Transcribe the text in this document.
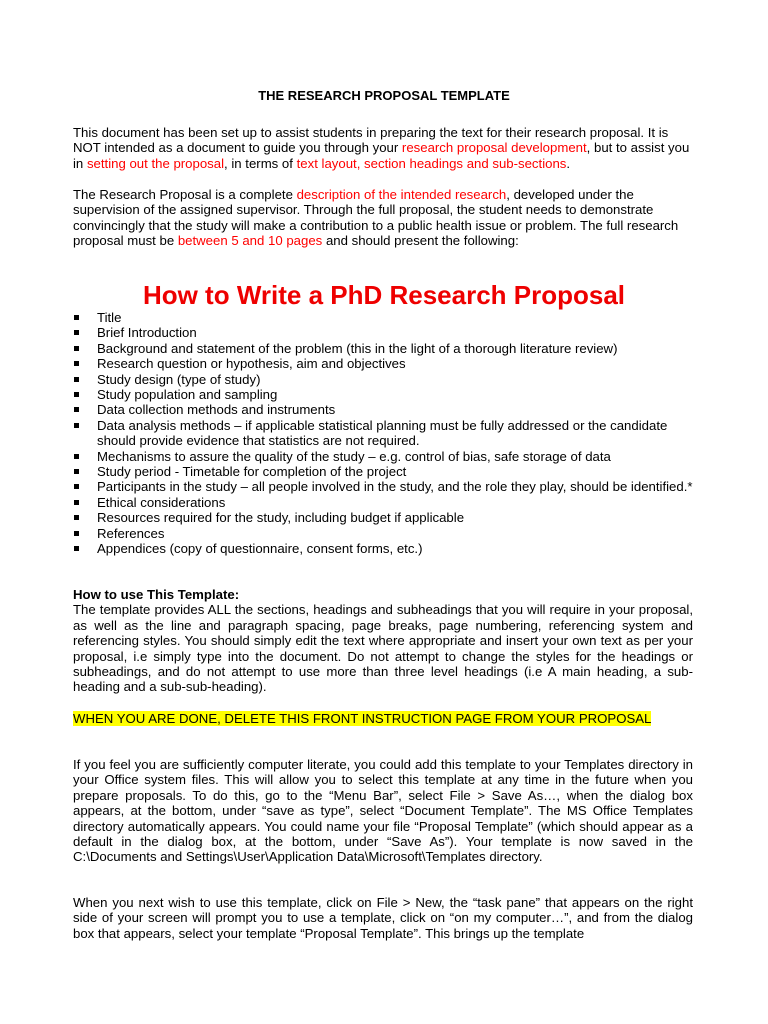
THE RESEARCH PROPOSAL TEMPLATE

This document has been set up to assist students in preparing the text for their research proposal. It is NOT intended as a document to guide you through your research proposal development, but to assist you in setting out the proposal, in terms of text layout, section headings and sub-sections.

The Research Proposal is a complete description of the intended research, developed under the supervision of the assigned supervisor. Through the full proposal, the student needs to demonstrate convincingly that the study will make a contribution to a public health issue or problem. The full research proposal must be between 5 and 10 pages and should present the following:

How to Write a PhD Research Proposal

Title
Brief Introduction
Background and statement of the problem (this in the light of a thorough literature review)
Research question or hypothesis, aim and objectives
Study design (type of study)
Study population and sampling
Data collection methods and instruments
Data analysis methods – if applicable statistical planning must be fully addressed or the candidate should provide evidence that statistics are not required.
Mechanisms to assure the quality of the study – e.g. control of bias, safe storage of data
Study period - Timetable for completion of the project
Participants in the study – all people involved in the study, and the role they play, should be identified.*
Ethical considerations
Resources required for the study, including budget if applicable
References
Appendices (copy of questionnaire, consent forms, etc.)

How to use This Template:

The template provides ALL the sections, headings and subheadings that you will require in your proposal, as well as the line and paragraph spacing, page breaks, page numbering, referencing system and referencing styles. You should simply edit the text where appropriate and insert your own text as per your proposal, i.e simply type into the document. Do not attempt to change the styles for the headings or subheadings, and do not attempt to use more than three level headings (i.e A main heading, a sub-heading and a sub-sub-heading).

WHEN YOU ARE DONE, DELETE THIS FRONT INSTRUCTION PAGE FROM YOUR PROPOSAL

If you feel you are sufficiently computer literate, you could add this template to your Templates directory in your Office system files. This will allow you to select this template at any time in the future when you prepare proposals. To do this, go to the “Menu Bar”, select File > Save As…, when the dialog box appears, at the bottom, under “save as type”, select “Document Template”. The MS Office Templates directory automatically appears. You could name your file “Proposal Template” (which should appear as a default in the dialog box, at the bottom, under “Save As”). Your template is now saved in the C:\Documents and Settings\User\Application Data\Microsoft\Templates directory.

When you next wish to use this template, click on File > New, the “task pane” that appears on the right side of your screen will prompt you to use a template, click on “on my computer…”, and from the dialog box that appears, select your template “Proposal Template”. This brings up the template
